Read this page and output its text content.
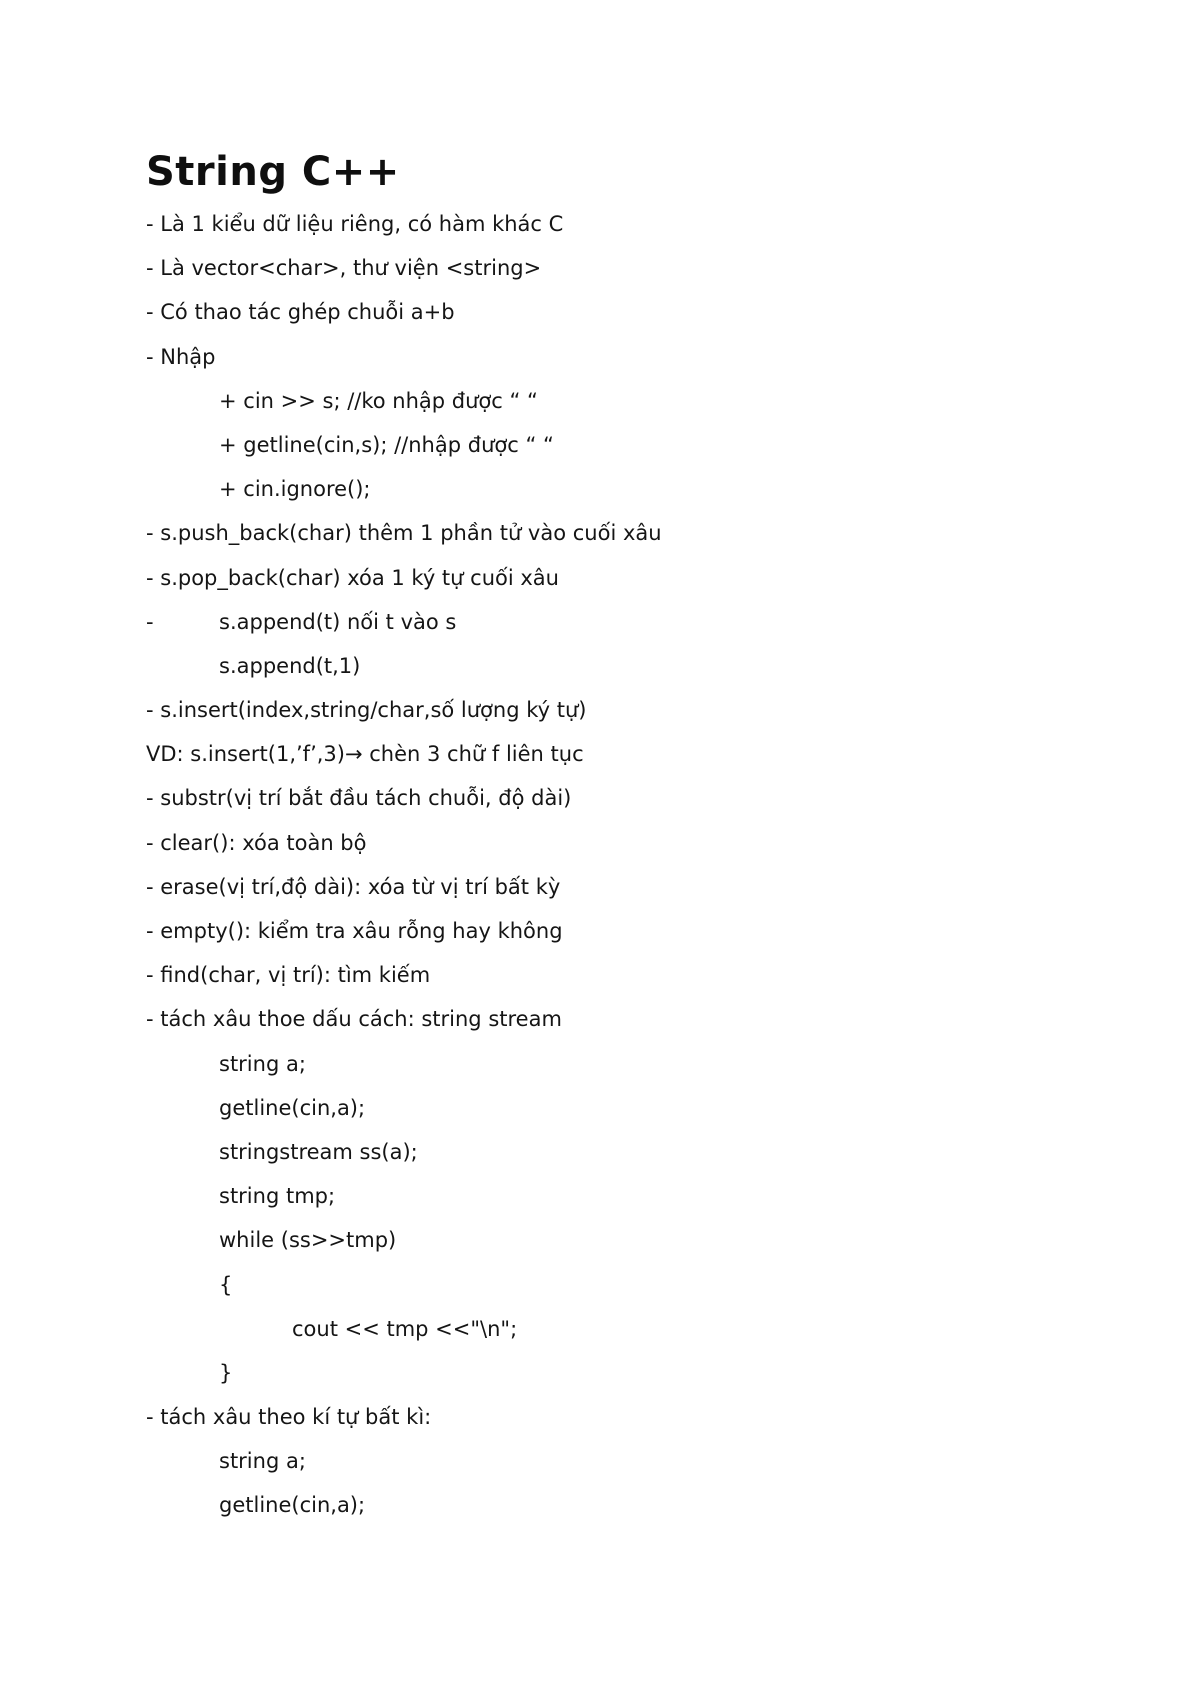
String C++
- Là 1 kiểu dữ liệu riêng, có hàm khác C
- Là vector<char>, thư viện <string>
- Có thao tác ghép chuỗi a+b
- Nhập
+ cin >> s; //ko nhập được “ “
+ getline(cin,s); //nhập được “ “
+ cin.ignore();
- s.push_back(char) thêm 1 phần tử vào cuối xâu
- s.pop_back(char) xóa 1 ký tự cuối xâu
-	s.append(t) nối t vào s
s.append(t,1)
- s.insert(index,string/char,số lượng ký tự)
VD: s.insert(1,’f’,3)→ chèn 3 chữ f liên tục
- substr(vị trí bắt đầu tách chuỗi, độ dài)
- clear(): xóa toàn bộ
- erase(vị trí,độ dài): xóa từ vị trí bất kỳ
- empty(): kiểm tra xâu rỗng hay không
- find(char, vị trí): tìm kiếm
- tách xâu thoe dấu cách: string stream
string a;
getline(cin,a);
stringstream ss(a);
string tmp;
while (ss>>tmp)
{
cout << tmp <<"\n";
}
- tách xâu theo kí tự bất kì:
string a;
getline(cin,a);
